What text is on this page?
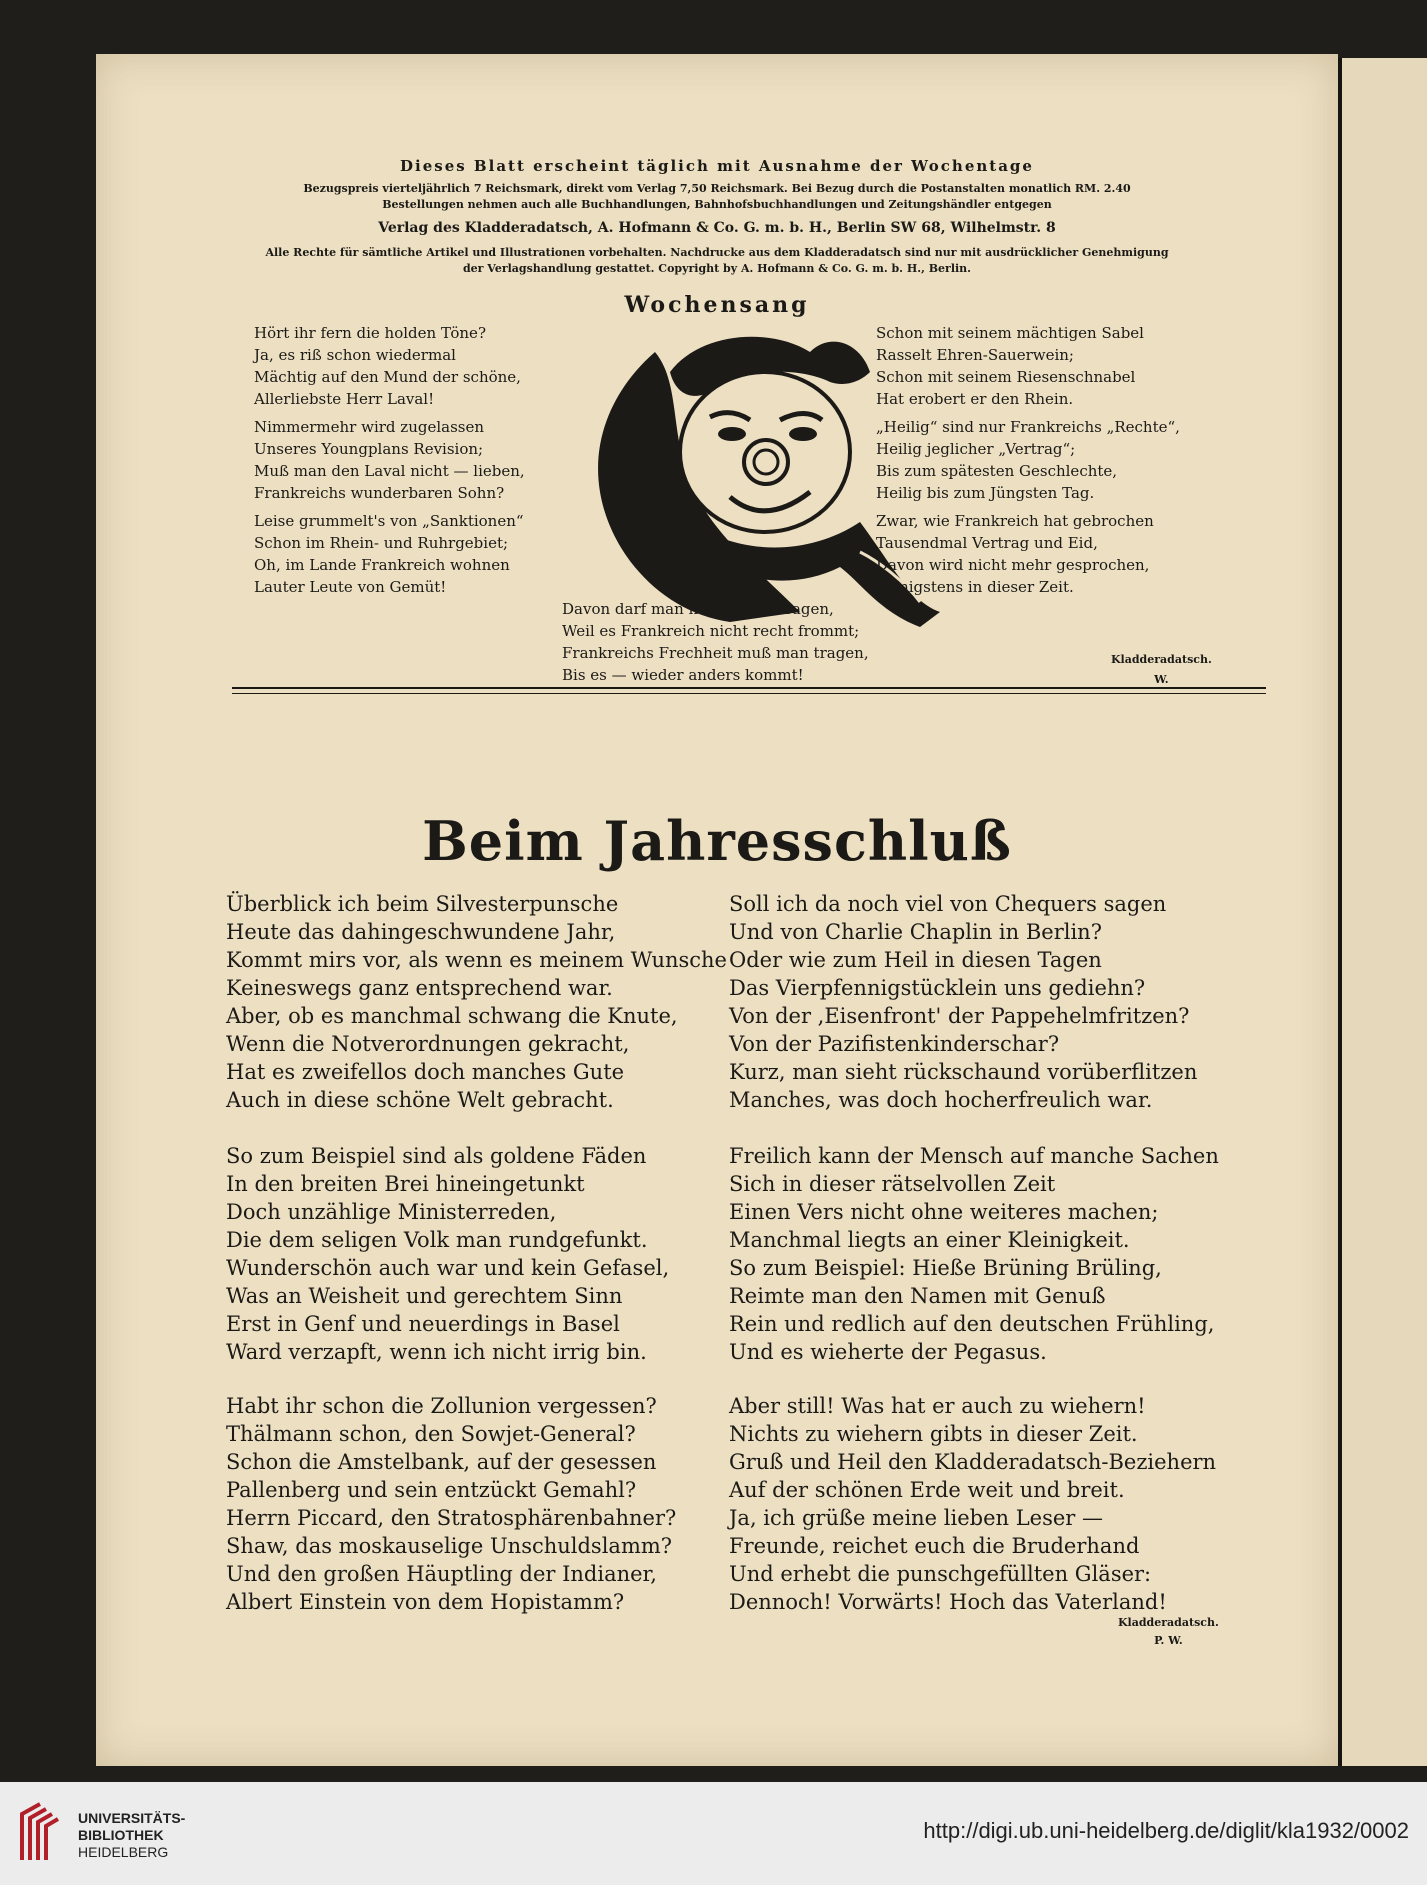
Dieses Blatt erscheint täglich mit Ausnahme der Wochentage
Bezugspreis vierteljährlich 7 Reichsmark, direkt vom Verlag 7,50 Reichsmark. Bei Bezug durch die Postanstalten monatlich RM. 2.40
Bestellungen nehmen auch alle Buchhandlungen, Bahnhofsbuchhandlungen und Zeitungshändler entgegen
Verlag des Kladderadatsch, A. Hofmann & Co. G. m. b. H., Berlin SW 68, Wilhelmstr. 8
Alle Rechte für sämtliche Artikel und Illustrationen vorbehalten. Nachdrucke aus dem Kladderadatsch sind nur mit ausdrücklicher Genehmigung
der Verlagshandlung gestattet. Copyright by A. Hofmann & Co. G. m. b. H., Berlin.
Wochensang
Hört ihr fern die holden Töne?
Ja, es riß schon wiedermal
Mächtig auf den Mund der schöne,
Allerliebste Herr Laval!
Nimmermehr wird zugelassen
Unseres Youngplans Revision;
Muß man den Laval nicht — lieben,
Frankreichs wunderbaren Sohn?
Leise grummelt's von „Sanktionen“
Schon im Rhein- und Ruhrgebiet;
Oh, im Lande Frankreich wohnen
Lauter Leute von Gemüt!
Schon mit seinem mächtigen Sabel
Rasselt Ehren-Sauerwein;
Schon mit seinem Riesenschnabel
Hat erobert er den Rhein.
„Heilig“ sind nur Frankreichs „Rechte“,
Heilig jeglicher „Vertrag“;
Bis zum spätesten Geschlechte,
Heilig bis zum Jüngsten Tag.
Zwar, wie Frankreich hat gebrochen
Tausendmal Vertrag und Eid,
Davon wird nicht mehr gesprochen,
Wenigstens in dieser Zeit.
Davon darf man nichts mehr sagen,
Weil es Frankreich nicht recht frommt;
Frankreichs Frechheit muß man tragen,
Bis es — wieder anders kommt!
Kladderadatsch.
W.
Beim Jahresschluß
Überblick ich beim Silvesterpunsche
Heute das dahingeschwundene Jahr,
Kommt mirs vor, als wenn es meinem Wunsche
Keineswegs ganz entsprechend war.
Aber, ob es manchmal schwang die Knute,
Wenn die Notverordnungen gekracht,
Hat es zweifellos doch manches Gute
Auch in diese schöne Welt gebracht.
So zum Beispiel sind als goldene Fäden
In den breiten Brei hineingetunkt
Doch unzählige Ministerreden,
Die dem seligen Volk man rundgefunkt.
Wunderschön auch war und kein Gefasel,
Was an Weisheit und gerechtem Sinn
Erst in Genf und neuerdings in Basel
Ward verzapft, wenn ich nicht irrig bin.
Habt ihr schon die Zollunion vergessen?
Thälmann schon, den Sowjet-General?
Schon die Amstelbank, auf der gesessen
Pallenberg und sein entzückt Gemahl?
Herrn Piccard, den Stratosphärenbahner?
Shaw, das moskauselige Unschuldslamm?
Und den großen Häuptling der Indianer,
Albert Einstein von dem Hopistamm?
Soll ich da noch viel von Chequers sagen
Und von Charlie Chaplin in Berlin?
Oder wie zum Heil in diesen Tagen
Das Vierpfennigstücklein uns gediehn?
Von der ,Eisenfront' der Pappehelmfritzen?
Von der Pazifistenkinderschar?
Kurz, man sieht rückschaund vorüberflitzen
Manches, was doch hocherfreulich war.
Freilich kann der Mensch auf manche Sachen
Sich in dieser rätselvollen Zeit
Einen Vers nicht ohne weiteres machen;
Manchmal liegts an einer Kleinigkeit.
So zum Beispiel: Hieße Brüning Brüling,
Reimte man den Namen mit Genuß
Rein und redlich auf den deutschen Frühling,
Und es wieherte der Pegasus.
Aber still! Was hat er auch zu wiehern!
Nichts zu wiehern gibts in dieser Zeit.
Gruß und Heil den Kladderadatsch-Beziehern
Auf der schönen Erde weit und breit.
Ja, ich grüße meine lieben Leser —
Freunde, reichet euch die Bruderhand
Und erhebt die punschgefüllten Gläser:
Dennoch! Vorwärts! Hoch das Vaterland!
Kladderadatsch.
P. W.
UNIVERSITÄTS-
BIBLIOTHEK
HEIDELBERG
http://digi.ub.uni-heidelberg.de/diglit/kla1932/0002
